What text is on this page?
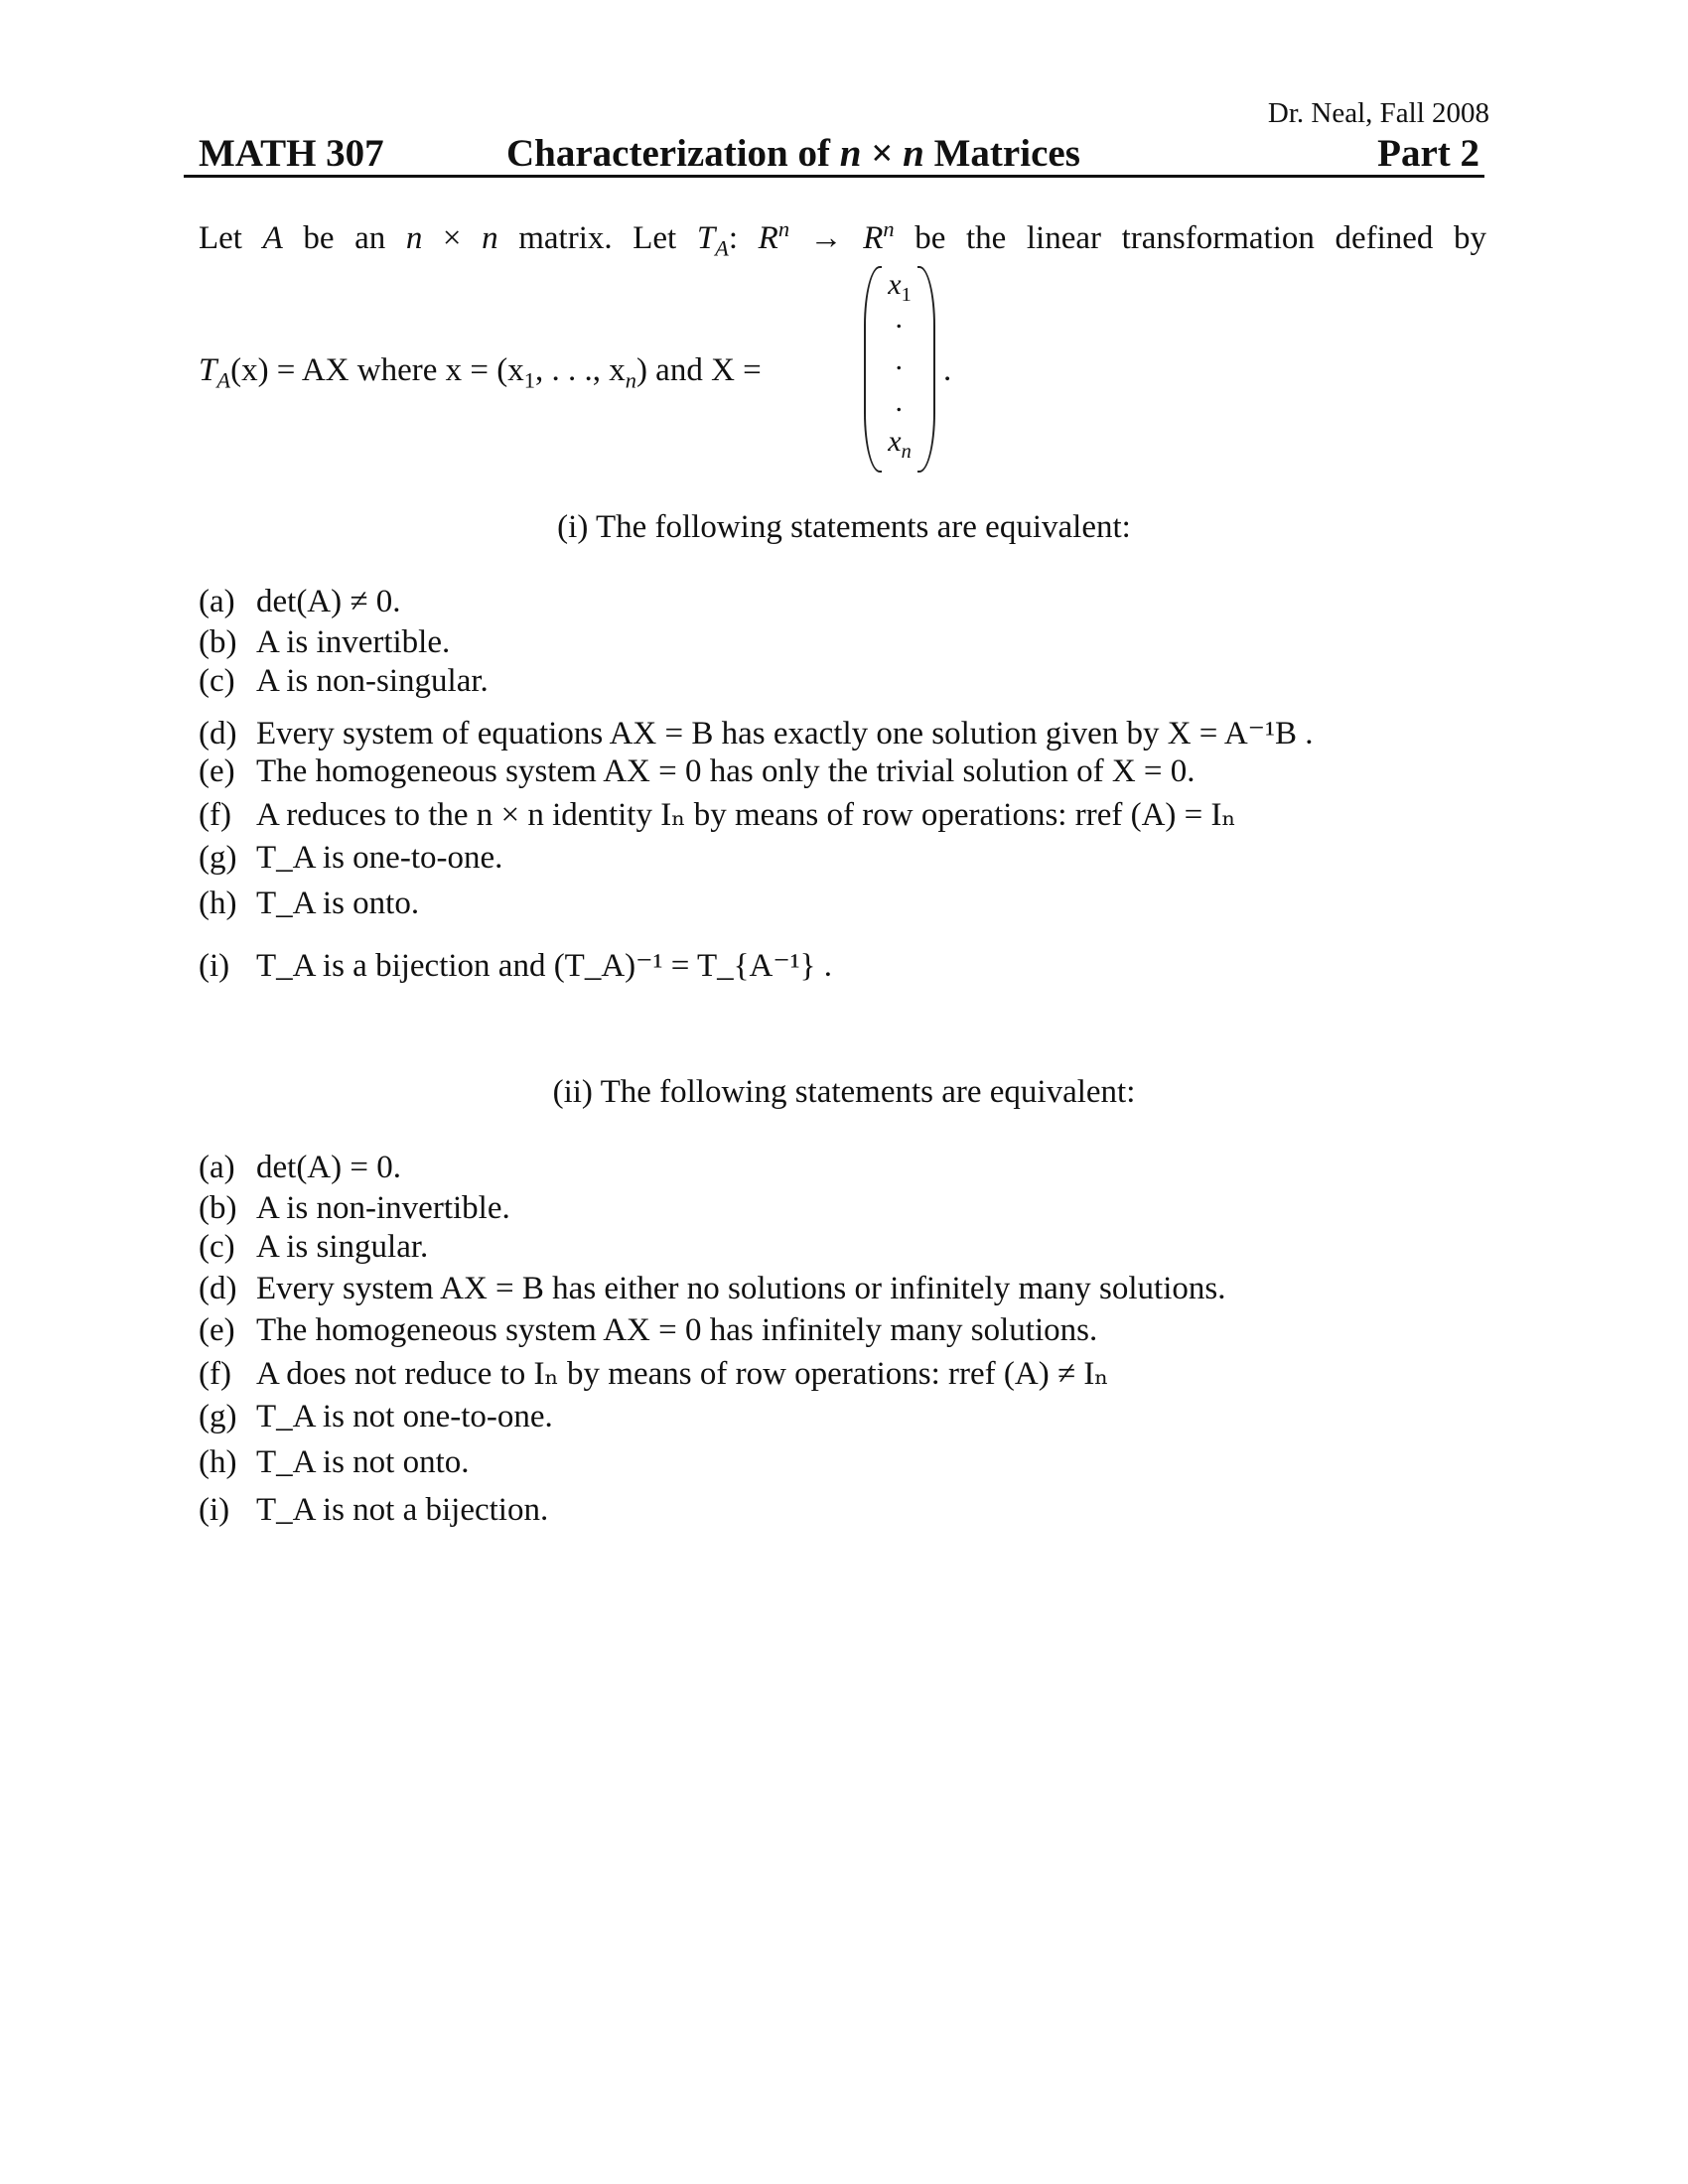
Dr. Neal, Fall 2008
MATH 307	Characterization of n × n Matrices	Part 2
Let A be an n × n matrix. Let $T_A$: $R^n \to R^n$ be the linear transformation defined by
$T_A(x)$ = AX where $x = (x_1$, . . ., $x_n$) and X =
$x_1$
.
.
.
$x_n$
.
(i) The following statements are equivalent:
(a) det(A) ≠ 0.
(b) A is invertible.
(c) A is non-singular.
(d) Every system of equations AX = B has exactly one solution given by X = A⁻¹B .
(e) The homogeneous system AX = 0 has only the trivial solution of X = 0.
(f) A reduces to the n × n identity Iₙ by means of row operations: rref (A) = Iₙ
(g) T_A is one-to-one.
(h) T_A is onto.
(i) T_A is a bijection and (T_A)⁻¹ = T_{A⁻¹} .
(ii) The following statements are equivalent:
(a) det(A) = 0.
(b) A is non-invertible.
(c) A is singular.
(d) Every system AX = B has either no solutions or infinitely many solutions.
(e) The homogeneous system AX = 0 has infinitely many solutions.
(f) A does not reduce to Iₙ by means of row operations: rref (A) ≠ Iₙ
(g) T_A is not one-to-one.
(h) T_A is not onto.
(i) T_A is not a bijection.
